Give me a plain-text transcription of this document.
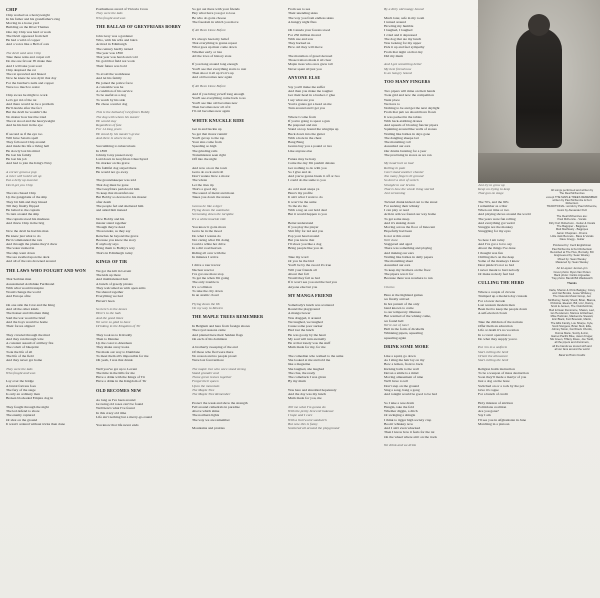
CHIP
Chip worked as a heavyweight
In his father and his grandfather's ring
Moving in a horse yard
Building on the River Thames
One day Chip was hard at work
The Devil appeared from hell
He had a wild of copper
And a voice like a Bell of oats
The devil said unto Chip
Take these reins and carpet roll
Do me one favour I'll make thee
And I will take your soul
Chip despised the rat
The rat sprawled and hissed
Now he knew he was dyin' that day
For the butcher's nails and copper
Were too much to resist
Chip swore he might to work
Let's get rid of the rat
And there would no be a problem
He'll decide after the fact
But the devil he wouldn't die
No matter how hard he tried
The rat stood and the heavyweight
And he his hurt in the eye
If second as if the eye too
Will have Satan's spell
They followed Chip around
And made his life a living hell
He slowly lost his mind
He lost his family
He lost his job
And had to join the King's Navy
A corner groan a pup
A ruler will hold it all up
Eat a belly up massive
Devil get you Chip
The rats chased Chip
Up the gangplank of the ship
They bit him and they hissed
Till they finally flipped
He belted to the captain
To turn around the ship
The captain stood his madness
And threw Chip in the brig
Now the devil he had his man
He knew just what to do
He'd commanded the rats
And through the planks they'd chew
The water rushed in
The ship went down
The sea swelled upon the deck
And all of the rats drowned around
THE LAWS WHO FOUGHT AND WON
That Serbian man
Assassinated Archduke Ferdinand
With what would transpire
Would change the world
And Europe afire
On one side the Czar and the King
And all the other kinds
The Kaiser and Ottoman thing
Said the war would be brief
And the boys would be home
Their forces aligned
They crawled through the mud
And they ran through wire
A constant assault of artillery fire
The cobalt of blueprint
Took the life of all
The life of the field
And they never got home
They were the lads
Who fought and won
Lay over the bridge
A brutal fortress foes
The fury of the siege
Is only an ordinary man
Broken blockaded Empire dog in
They fought through the night
The led defend to shore
The enemy captured
Or shot on the ground
It wasn't ordered without tricks then done
Posthumous award of Victoria Cross
They were the lads
Who fought and won
THE BALLAD OF GREYFRIARS BOBBY
John Gray was a gardener
Who, with his wife and bairn
Arrived in Edinburgh
The century hardly turned
The year was 1850
That year was harsh and cold
No gold that field not work
Their future was bold
To avoid the workhouse
And let his family
He joined the police force
A constable was he
A condition of his service
To be useful as a dog
To watch by his side
He chose a terrier dog
This is the ballad of Greyfriars Bobby
The dog with whom his master
He would stay
Regardless of fate
For 14 long years
He stood by his master's grave
And there is where he lay
Succumbing to tuberculosis
In 1858
Johnny Gray passed away
Laid down in Greyfriars Churchyard
No marker on his grave
His faithful dog stayed there
He would not go away
The groundskeeper was told
That dog must be gone
The Greyfriars parish told him
To keep that mournful one
But Bobby so devoted to his master
after death
The people fed and sheltered him
and aided him instead
Now Bobby and his
master stand together
Though they're dead
Thou tender, as they say
Retaches he beyond the grave
Because you know the story
If anybody says
Bring them to Bobby's way
That's in Edinburgh today
KINGS OF TIR
We got the kilt in Levent
The kids up there
And multitalented hair
A bunch of greedy pirates
They welcomed us with open arms
We shared together
Everything we had
Haven't been
So here's to the lasses
Here's to the lads
And the good times
We were so glad to have
Drinking in the Kingdom of Tir
They took us to Kilcaddy
Then to Dundee
Up the coast to Aberdeen
They shake away looks
We made our way to Dunblane
To meet them all's impossible for me
Oh yeah, I was that drunk
Well you've got up to Levent
The time in the hills for me
Have a drink with the Kings of Tir
Have a drink in the Kingdom of Tir
OLD BECOMES NEW
As long as I've been around
Growing old roses can't be found
Well here's what I've found
In this crazy old time
Life ain't nothing but a merry-go-round
You know that life never ends
So get out there with your friends
Hey what have you got to lose
Be who do gotta choose
The freedom in which you move
If All Been Done Before
It's always been my belief
That everything is gonna repeat
What goes up must come down
Whether early or late
All the lows of history state
If you hang around long enough
You'll see that everything starts to rust
Then shoot it all up it's it's up
And old becomes new again
If All Been Done Before
And if you bring ya'self long enough
You'll see everything come back to us
You'll see like old becomes new
Then becomes new all of it
I'll old becomes new again
WHITE KNUCKLE RIDE
Get in and buckle up
So get that motor runnin'
You'll get up to the top
Your sins come from
Speeding so high
The grinding rails
Transmission seen right
Off into the night
And now on on the town
Gotta do rock and roll
Don't wanna blow a motor
The whole
Let the tires rip
That's a good day
The sound of metal and moan
Takes you down the stones
Gonna be like a tiger
Flying down the autobahn
Screaming down the turnpike
It's a white knuckle ride
You know it gotta move
Gotta be in the mood
Do what I wanna do
Not caring what I'm doing
Could a white hot drive
In a dirt road heaven
Riding all over with the
In minutes I arrive
I drive a tour tractor
Nuclear reactor
I've got one more stop
To get me when I'm going
The only trouble is
It's a collision
To take the city down
In an atomic cloud
Flying down the 66
On my way to Mexico
THE MAPLE TREES REMEMBER
In Belgium and here from foreign shores
The royal reasons came
And planted here their Sekhan flags
On each of his dominion
A brotherly sweeping of the end
Of those who fled were there
No reason and no people proud
Were lost forevermore
The maple tree who once stood strong
Stand grander and
Those green leaves together
Forget their queen
Upon the mountain
The Maple Tree
The Maple Tree Remember
Protect the weak and show the strength
Fell around cathedrals in paradise
Above which shine
The northern lights
The way we are remember
Mountains and prairies
From sea to sea
Their unending skies
The way you from endless skies
A hungry night flies
Oh Canada your forests stood
For 250 million moved
With axe and saw
They hacked us
How old they will move
The marathon of greed decreed
Those traitors made it all clear
Maple trees who once grew tall
Never spent all just you
ANYONE ELSE
Say you'll make me suffer
And then you make me tougher
Got their head in a bucket o' glue
I say what are you
You're gonna get a head on me
Turn around and I get you
Where I come from
If you're going to spear a gun
Be prepared and run
Stand on top bound the wingtips up
Buck down into the gutter
With a hole in the chest
Bang Bang
Gonna buy you a pound or two
Like anyone else
Future may be hazy
Come the day I'm pushin' daisies
Got nothing to do with you
So I give and do
And you're gonna break it off or two
I could do the same to you
As cold steel snaps ya
Here's my profile
It ain't what I want to do
It won't be the same
To the slo mo
With a tug on our bold deal
But it would happen to you
Better understand
If you play the player
Shit fifty for lad and you
Pop your head around
But you know that
I'll shoot you like a dog
Bring people like you do
Take my word
Or you be the bird
You'll be by the sword it's true
Will your friends all
About that fall
Would they fail as bad
If it won't see you and the bad you
Anyone else but you
MY MANGA FRIEND
Somebody's lunch was scattered
Round the playground
A manga bower
Was dragged, it around
We laughed, we laughed
Cause some poor sucker
Had lost the lunch
He was goony by the heart
My soul will turn eternally
He at that lonely was the stuff
Mum made for my, for me
The comedian who walked to the same
She looked at me and told me
like a magazine
She laughed, she laughed
The clue, the ready
The comeback I was given
By my mum
Was bare and shredded hopelessly
And the day was my lunch
Mum made for you, me
Tell me what I'm gonna do
With the pretty broccoli bakeout
I hope and I care
With a liverwurst sandwich
But now this is funny
Scattered all around the playground
By a dirty old mangy hound
Much later, safe in my room
I turned around
Howling my humble
I laughed, I laughed
I cried and it depressed
The dog that ate my lunch
Was looking for my upper
Pick it up and feel sympathy
From that night on that day
Did my mum
And I got something better
My best friend now
Is an hungry hound
TOO MANY FINGERS
Two pipers will mine on their hands
Took grid and now the competition
Went place
We have to
Nothing to be and get the next daylight
From that pub we should have flown
It was packed in the tables
With back-stabbing drones
And squeals of blowing fancier pipers
Squinting around like walls of stones
Wailing like babies in days gone
The dangling sheepe lad
The marathing roll
Assaulted our ears
Our drums bursting for a year
The practising in stores as we ran
My head hurt so bad
Rolling in pain
Can't stand another chanter
Too many fingers lit ground
So don't a shot of scotch
Straight to our brains
That is how the whole thing started
Just screaming
Twisted drunk kicked out to the street
For sucking their whisky
I can play or read
Arm in arm we found our way home
To get some sleep
And it's sinking down
Moving across the floor of Innocent
Hopefully had been
Is not at this event
Well done
Staggered and aged
There was something and playing
And making our ears
Wailing like babies in daily papers
The marathing sheet
Assaulted our ears
To keep my brothers on the floor
The pipers was it for
Because there was nowhere to run
Chorus
Here at the highland games
we finally arrived
In hot pursuit of the only
band known to come
to our temporary illnesses
But warmed of the whisky came,
we found hell
We're out of tune!
Hell in the form of dicebells
Whisking pipers, squealing
squealing again
DRINK SOME MORE
Like a squid, go down
As I sling me hair lay on my
Bow a lemon, front to back
Kicking balls to the wall
Devon a smile is a mind
Moving amusement of nine
We'll have to tell
Don't step on the ground
Sing a song, bang a gong
And tonight would be good to be bad
So I take a wee dram
Hangin, take the fold
Whether diggin, a ditch
Or swinging a shingle
I think to tigger high society crap
Booin' whiskey now
And I ain't even whacked
Then I know how it feels for the rat
On the wheel where ain't on the track
We drink and we drink
Just try to grow up
Keep on trying to keep
That gun on stage
The 70's, and the 90's
I remember as a blur
When our time or two
And playing shows around the world
The years were fun rolling
And everything got weird
Struggle not the monkey
Struggling for my eyes
So here I am today
And I've got a lot to say
About the things I've done
I thought was fun
Chilling me's on the deep
Some of the monkeys I knew
Dear pinde it's not so bad
I never meant to hurt nobody
Or make nobody feel bad
CULLING THE HERD
Where a couple of clowns
Trumped up a modern day crusade
For a lower decade
Last western modern men
Been lied to keep the people down
A self-elected clown
Take the children of the nations
Offer them an education
Life or death it's no vocation
In a covert operation to
Do what they supply you to
Put 'em in a uniform
Start culling the herd
Orient the allowance
Start culling the herd
Religion holds instruction
To be a weapon of mass destruction
Soon they'll made a martyr of you
Just a dog on the bone
Switched on or a rock by the pot
Give it's rogue
For a bunch of credit
Holy mission of attrition
Politicians coalition
Are you gone?
Say I am
I'll see you in Afghanistan in June
Marching in a platoon
All songs performed and written by
The Real McKenzies
except THE MAPLE TREES REMEMBER:
written by Paul McKenzie & Kurt Robertson
TRADITIONAL: words by Paul McKenzie,
music by Alexander Pelz
The Real McKenzies are:
Paul McKenzie - Vocals
Dirty Kurt Robertson - Guitar & Vocals
The Bagpiper - Bagpipes
Matt MacNasty - Bagpipes
Aaron Chapman - Drums
Little Jack Bennets - Bass & Vocals
Dave Gregg - Guitar
Produced by: Cecil Englishman
Paul McKenzie & Kurt Robertson
Recorded at The Hive, Burnaby, BC
Engineered by: Sean Wesley
Mixed by: Sean Wesley
Mastered by: Sean Wesley
Art & Layout: Jenna Lynn
Cover photo: Ryan Van Putten
Back photo: Carlos Arguedas
Tray photo: Bandit Bill Wadsworth
Thanks
Carla, Sharon & Chris Badgley, Corey
and Cat Brooks, Jesse Whiteley,
The Ostendo Music Group, Jen
McMurray, Sandy Sheid, Brian, Blanca,
Christina, Eleanor, Bill, Linz, Danny,
Scott & Jensen, The Ostrobotzinis,
Bud & Dean Dunsmore, Shawn, Lavi,
Ian Henderson, Marcus & Rachael,
Mike Hartman, Mackenzie Stewart,
Eric Black, Kurt Bravado, Martin,
The Ellis Family, Lou Sharpe, Kyle,
Scott Sturgess, Brian Stutt, Ellie,
Johnny Moon, Fat Wreck Chords,
Donna Marie, Scotty & Ann,
Garnet Pacific Blue, Jason Kruger,
Nik Green, Tiffany Rowe, Joe Tooth,
all the pipers and drummers,
all the bands we toured with and
all our fans around the world
Band & Photo Credits
